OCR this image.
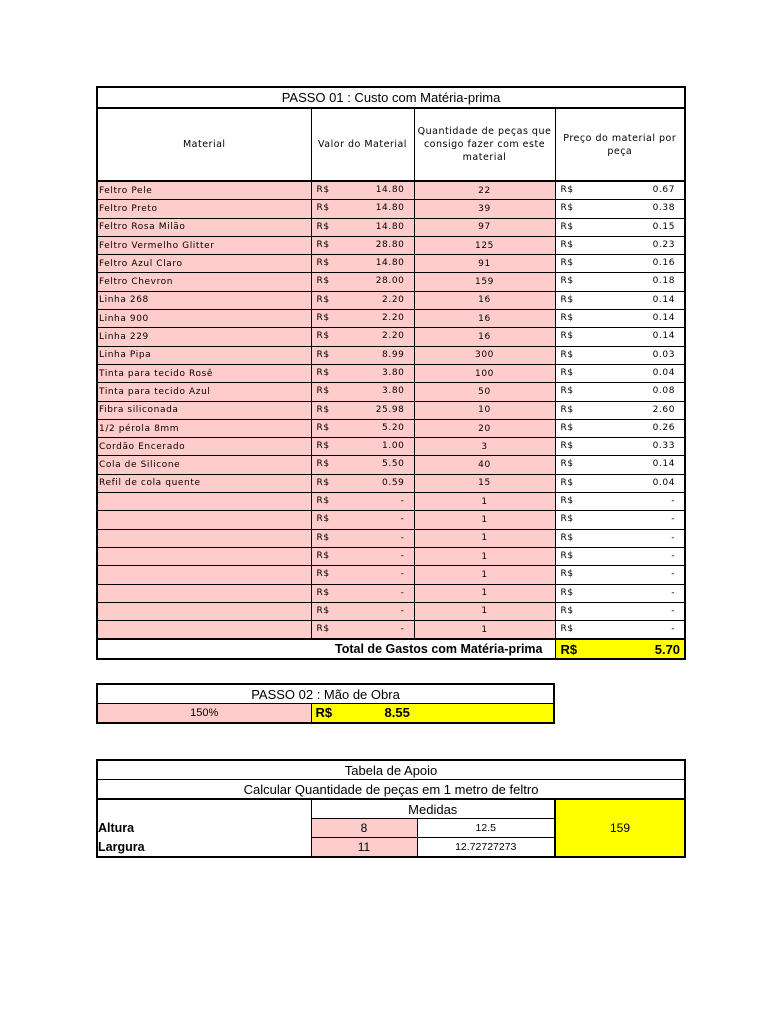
PASSO 01 : Custo com Matéria-prima			
Material	Valor do Material	Quantidade de peças que consigo fazer com este material	Preço do material por peça
Feltro Pele	R$ 14.80	22	R$ 0.67

Feltro Preto	R$ 14.80	39	R$ 0.38

Feltro Rosa Milão	R$ 14.80	97	R$ 0.15

Feltro Vermelho Glitter	R$ 28.80	125	R$ 0.23

Feltro Azul Claro	R$ 14.80	91	R$ 0.16

Feltro Chevron	R$ 28.00	159	R$ 0.18

Linha 268	R$ 2.20	16	R$ 0.14

Linha 900	R$ 2.20	16	R$ 0.14

Linha 229	R$ 2.20	16	R$ 0.14

Linha Pipa	R$ 8.99	300	R$ 0.03

Tinta para tecido Rosê	R$ 3.80	100	R$ 0.04

Tinta para tecido Azul	R$ 3.80	50	R$ 0.08

Fibra siliconada	R$ 25.98	10	R$ 2.60

1/2 pérola 8mm	R$ 5.20	20	R$ 0.26

Cordão Encerado	R$ 1.00	3	R$ 0.33

Cola de Silicone	R$ 5.50	40	R$ 0.14

Refil de cola quente	R$ 0.59	15	R$ 0.04

	R$ -	1	R$ -

	R$ -	1	R$ -

	R$ -	1	R$ -

	R$ -	1	R$ -

	R$ -	1	R$ -

	R$ -	1	R$ -

	R$ -	1	R$ -

	R$ -	1	R$ -

Total de Gastos com Matéria-prima			R$ 5.70
PASSO 02 : Mão de Obra
150%	R$	8.55
Tabela de Apoio			
Calcular Quantidade de peças em 1 metro de feltro			
	Medidas		159
Altura	8	12.5	
Largura	11	12.72727273	
